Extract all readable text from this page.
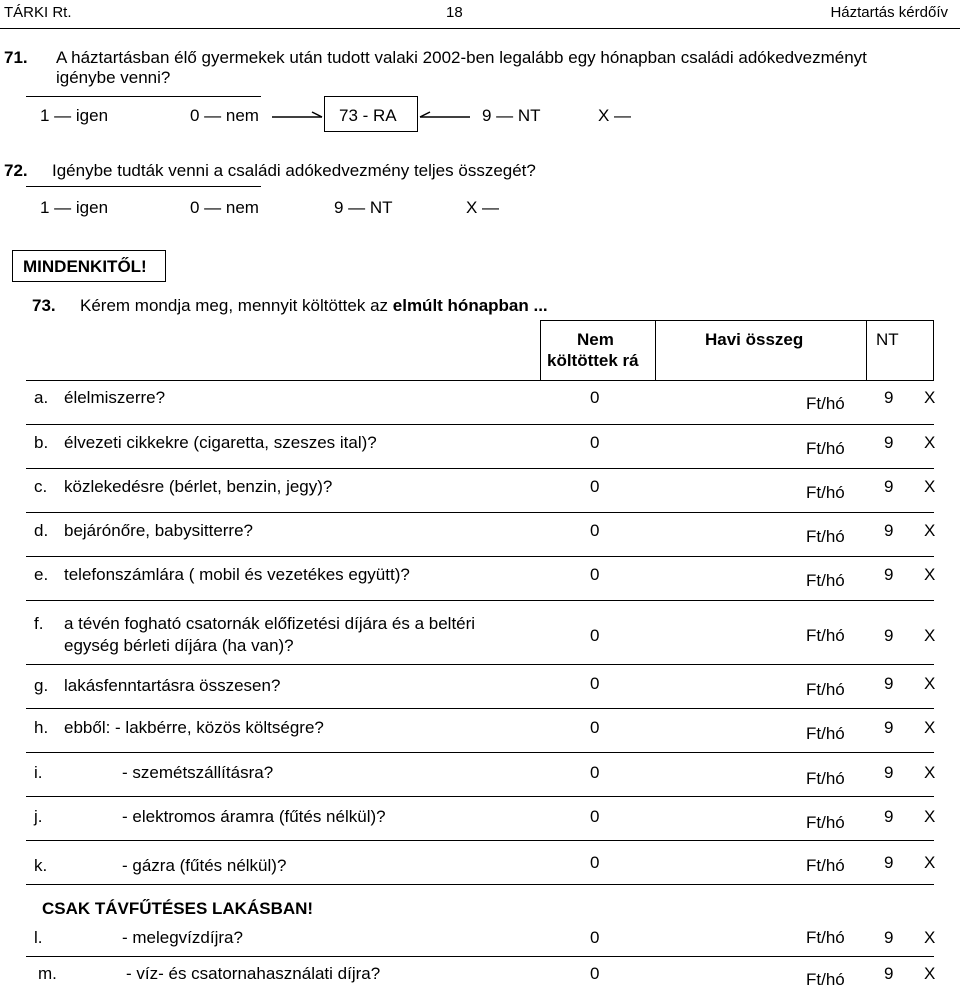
TÁRKI Rt.	18	Háztartás kérdőív
71. A háztartásban élő gyermekek után tudott valaki 2002-ben legalább egy hónapban családi adókedvezményt
igénybe venni?
1 — igen	0 — nem	73 - RA	9 — NT	X —
72. Igénybe tudták venni a családi adókedvezmény teljes összegét?
1 — igen	0 — nem	9 — NT	X —
MINDENKITŐL!
73. Kérem mondja meg, mennyit költöttek az elmúlt hónapban ...
Nem
költöttek rá
Havi összeg	NT
a. élelmiszerre?	0	Ft/hó 9 X
b. élvezeti cikkekre (cigaretta, szeszes ital)?	0	Ft/hó 9 X
c. közlekedésre (bérlet, benzin, jegy)?	0	Ft/hó 9 X
d. bejárónőre, babysitterre?	0	Ft/hó 9 X
e. telefonszámlára ( mobil és vezetékes együtt)?	0	Ft/hó 9 X
f. a tévén fogható csatornák előfizetési díjára és a beltéri
egység bérleti díjára (ha van)?
0	Ft/hó 9 X
g. lakásfenntartásra összesen?	0	Ft/hó 9 X
h. ebből: - lakbérre, közös költségre?	0	Ft/hó 9 X
i.	- szemétszállításra?	0	Ft/hó 9 X
j.	- elektromos áramra (fűtés nélkül)?	0	Ft/hó 9 X
k.	- gázra (fűtés nélkül)?	0	Ft/hó 9 X
CSAK TÁVFŰTÉSES LAKÁSBAN!
l.	- melegvízdíjra?	0	Ft/hó 9 X
m.	- víz- és csatornahasználati díjra?	0	Ft/hó 9 X
